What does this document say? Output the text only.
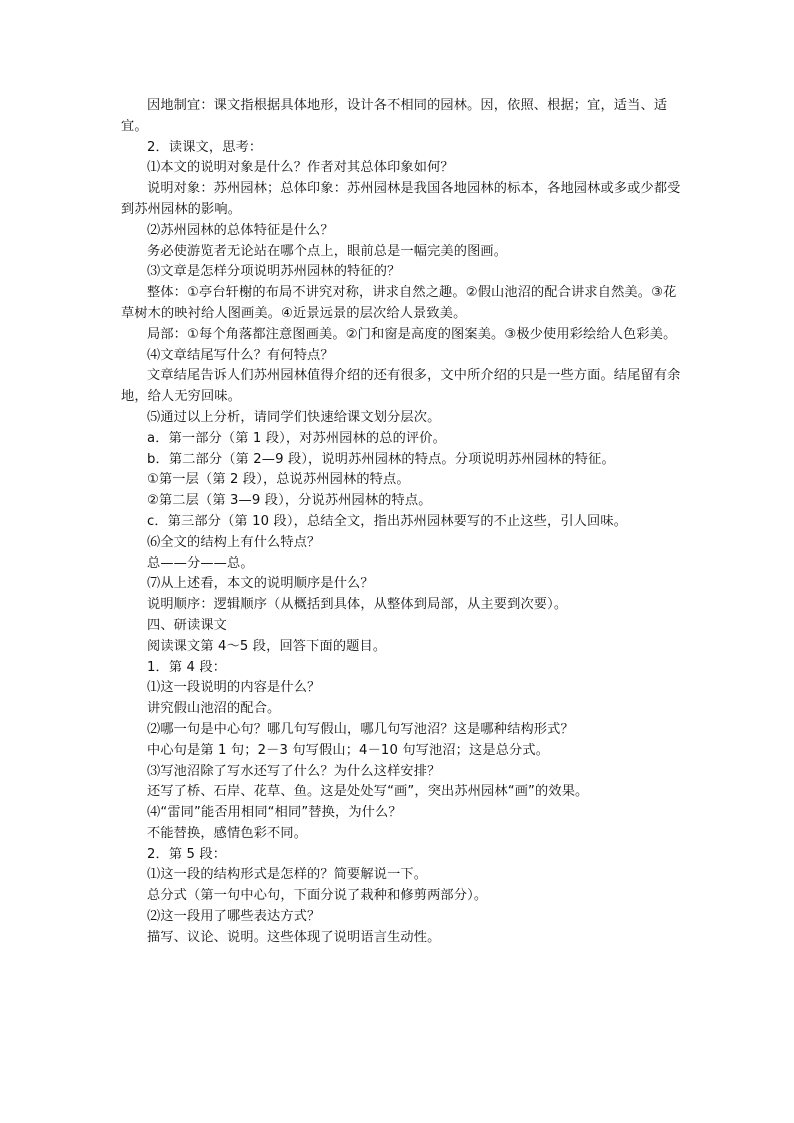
因地制宜：课文指根据具体地形，设计各不相同的园林。因，依照、根据；宜，适当、适宜。

2．读课文，思考：

⑴本文的说明对象是什么？作者对其总体印象如何？

说明对象：苏州园林；总体印象：苏州园林是我国各地园林的标本，各地园林或多或少都受到苏州园林的影响。

⑵苏州园林的总体特征是什么？

务必使游览者无论站在哪个点上，眼前总是一幅完美的图画。

⑶文章是怎样分项说明苏州园林的特征的？

整体：①亭台轩榭的布局不讲究对称，讲求自然之趣。②假山池沼的配合讲求自然美。③花草树木的映衬给人图画美。④近景远景的层次给人景致美。

局部：①每个角落都注意图画美。②门和窗是高度的图案美。③极少使用彩绘给人色彩美。

⑷文章结尾写什么？有何特点？

文章结尾告诉人们苏州园林值得介绍的还有很多，文中所介绍的只是一些方面。结尾留有余地，给人无穷回味。

⑸通过以上分析，请同学们快速给课文划分层次。

a．第一部分（第 1 段），对苏州园林的总的评价。

b．第二部分（第 2—9 段），说明苏州园林的特点。分项说明苏州园林的特征。

①第一层（第 2 段），总说苏州园林的特点。

②第二层（第 3—9 段），分说苏州园林的特点。

c．第三部分（第 10 段），总结全文，指出苏州园林要写的不止这些，引人回味。

⑹全文的结构上有什么特点？

总——分——总。

⑺从上述看，本文的说明顺序是什么？

说明顺序：逻辑顺序（从概括到具体，从整体到局部，从主要到次要）。

四、研读课文

阅读课文第 4～5 段，回答下面的题目。

1．第 4 段：

⑴这一段说明的内容是什么？

讲究假山池沼的配合。

⑵哪一句是中心句？哪几句写假山，哪几句写池沼？这是哪种结构形式？

中心句是第 1 句；2－3 句写假山；4－10 句写池沼；这是总分式。

⑶写池沼除了写水还写了什么？为什么这样安排？

还写了桥、石岸、花草、鱼。这是处处写“画”，突出苏州园林“画”的效果。

⑷“雷同”能否用相同“相同”替换，为什么？

不能替换，感情色彩不同。

2．第 5 段：

⑴这一段的结构形式是怎样的？简要解说一下。

总分式（第一句中心句，下面分说了栽种和修剪两部分）。

⑵这一段用了哪些表达方式？

描写、议论、说明。这些体现了说明语言生动性。
